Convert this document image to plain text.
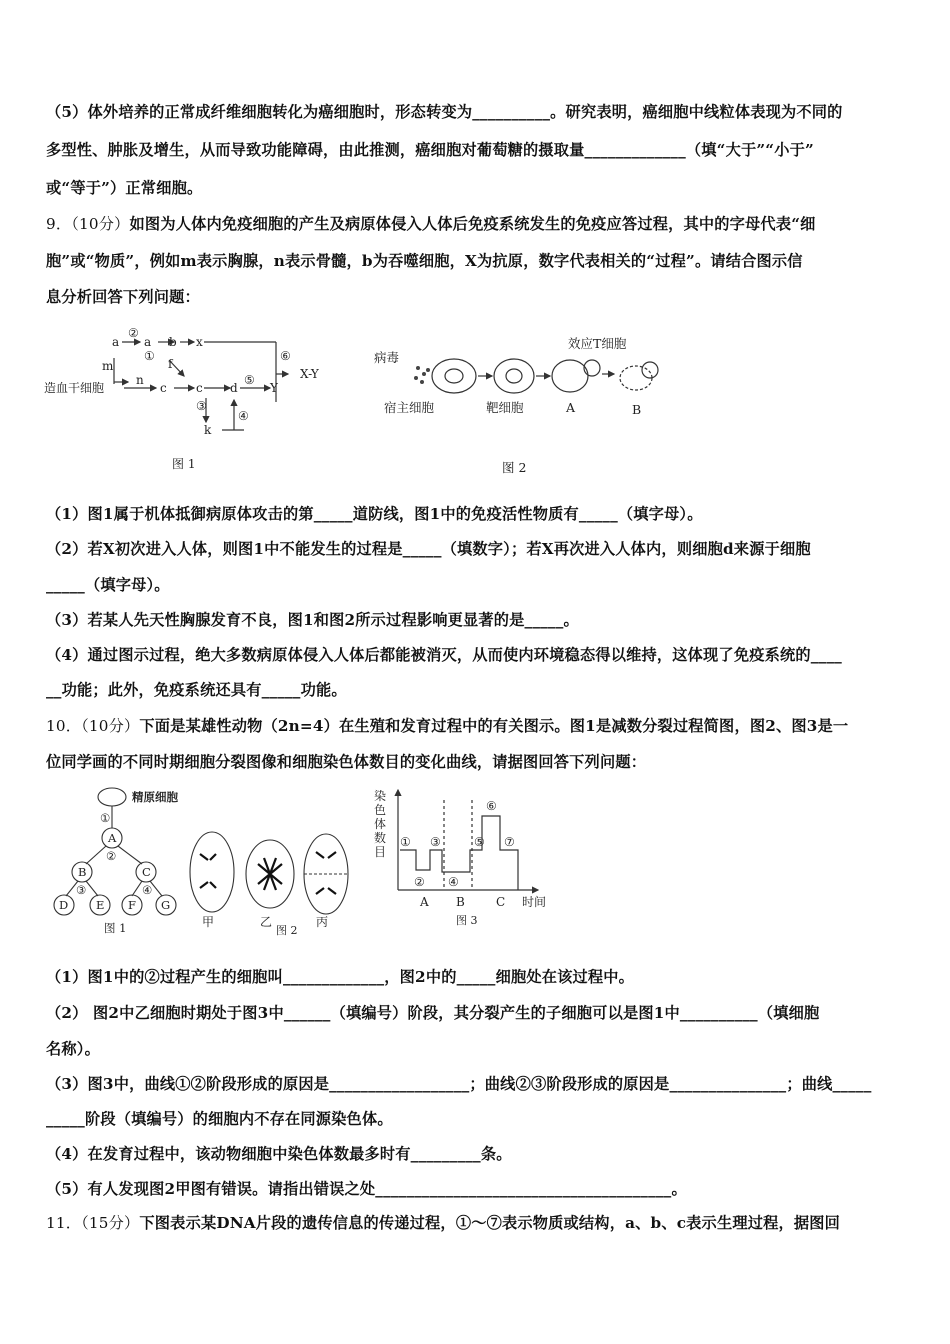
（5）体外培养的正常成纤维细胞转化为癌细胞时，形态转变为__________。研究表明，癌细胞中线粒体表现为不同的
多型性、肿胀及增生，从而导致功能障碍，由此推测，癌细胞对葡萄糖的摄取量_____________（填“大于”“小于”
或“等于”）正常细胞。
9．（10分）如图为人体内免疫细胞的产生及病原体侵入人体后免疫系统发生的免疫应答过程，其中的字母代表“细
胞”或“物质”，例如m表示胸腺，n表示骨髓，b为吞噬细胞，X为抗原，数字代表相关的“过程”。请结合图示信
息分析回答下列问题：
a
②
a b x
①
f
m
造血干细胞
n
c c d
⑤
Y
⑥
X-Y
③
④
k
图 1
病毒
宿主细胞	靶细胞
效应T细胞
A	B
图 2
（1）图1属于机体抵御病原体攻击的第_____道防线，图1中的免疫活性物质有_____（填字母）。
（2）若X初次进入人体，则图1中不能发生的过程是_____（填数字）；若X再次进入人体内，则细胞d来源于细胞
_____（填字母）。
（3）若某人先天性胸腺发育不良，图1和图2所示过程影响更显著的是_____。
（4）通过图示过程，绝大多数病原体侵入人体后都能被消灭，从而使内环境稳态得以维持，这体现了免疫系统的____
__功能；此外，免疫系统还具有_____功能。
10．（10分）下面是某雄性动物（2n=4）在生殖和发育过程中的有关图示。图1是减数分裂过程简图，图2、图3是一
位同学画的不同时期细胞分裂图像和细胞染色体数目的变化曲线，请据图回答下列问题：
精原细胞
①
A
②
B	C
③	④
D E F G
图 1	甲	乙	丙
图 2
染
色
体
数
目
①
②
③
④
⑤
⑥
⑦
A B	C 时间
图 3
（1）图1中的②过程产生的细胞叫_____________，图2中的_____细胞处在该过程中。
（2） 图2中乙细胞时期处于图3中______（填编号）阶段，其分裂产生的子细胞可以是图1中__________（填细胞
名称）。
（3）图3中，曲线①②阶段形成的原因是__________________；曲线②③阶段形成的原因是_______________；曲线_____
_____阶段（填编号）的细胞内不存在同源染色体。
（4）在发育过程中，该动物细胞中染色体数最多时有_________条。
（5）有人发现图2甲图有错误。请指出错误之处______________________________________。
11．（15分）下图表示某DNA片段的遗传信息的传递过程，①～⑦表示物质或结构，a、b、c表示生理过程，据图回
